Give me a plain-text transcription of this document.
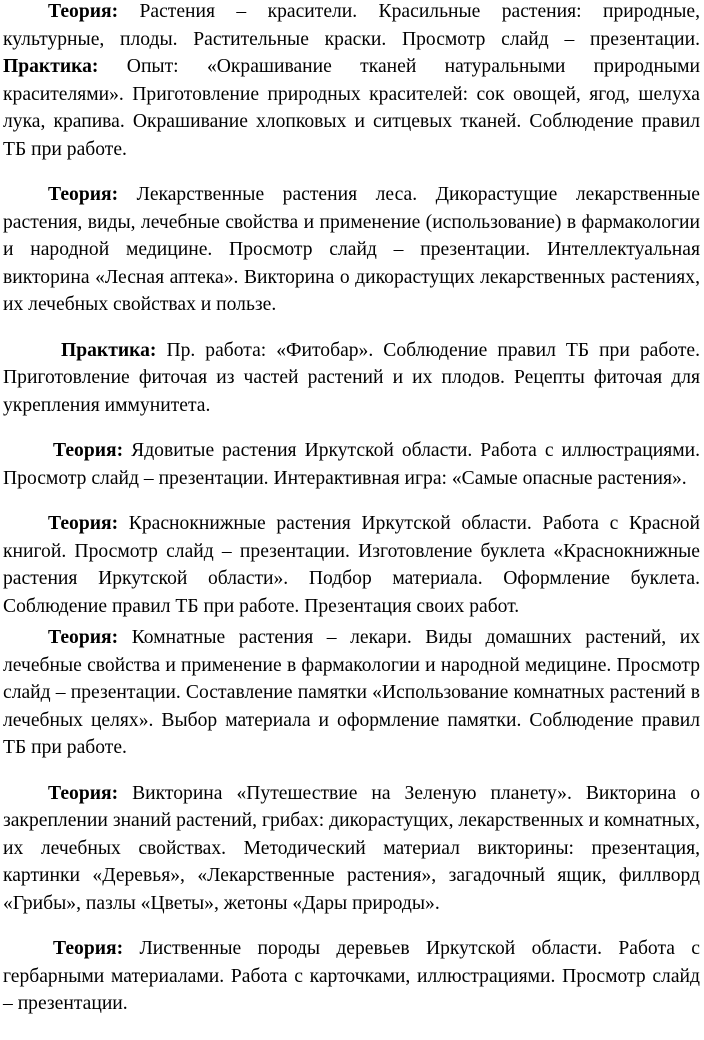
Теория: Растения – красители. Красильные растения: природные, культурные, плоды. Растительные краски. Просмотр слайд – презентации. Практика: Опыт: «Окрашивание тканей натуральными природными красителями». Приготовление природных красителей: сок овощей, ягод, шелуха лука, крапива. Окрашивание хлопковых и ситцевых тканей. Соблюдение правил ТБ при работе.

Теория: Лекарственные растения леса. Дикорастущие лекарственные растения, виды, лечебные свойства и применение (использование) в фармакологии и народной медицине. Просмотр слайд – презентации. Интеллектуальная викторина «Лесная аптека». Викторина о дикорастущих лекарственных растениях, их лечебных свойствах и пользе.

Практика: Пр. работа: «Фитобар». Соблюдение правил ТБ при работе. Приготовление фиточая из частей растений и их плодов. Рецепты фиточая для укрепления иммунитета.

Теория: Ядовитые растения Иркутской области. Работа с иллюстрациями. Просмотр слайд – презентации. Интерактивная игра: «Самые опасные растения».

Теория: Краснокнижные растения Иркутской области. Работа с Красной книгой. Просмотр слайд – презентации. Изготовление буклета «Краснокнижные растения Иркутской области». Подбор материала. Оформление буклета. Соблюдение правил ТБ при работе. Презентация своих работ.

Теория: Комнатные растения – лекари. Виды домашних растений, их лечебные свойства и применение в фармакологии и народной медицине. Просмотр слайд – презентации. Составление памятки «Использование комнатных растений в лечебных целях». Выбор материала и оформление памятки. Соблюдение правил ТБ при работе.

Теория: Викторина «Путешествие на Зеленую планету». Викторина о закреплении знаний растений, грибах: дикорастущих, лекарственных и комнатных, их лечебных свойствах. Методический материал викторины: презентация, картинки «Деревья», «Лекарственные растения», загадочный ящик, филлворд «Грибы», пазлы «Цветы», жетоны «Дары природы».

Теория: Лиственные породы деревьев Иркутской области. Работа с гербарными материалами. Работа с карточками, иллюстрациями. Просмотр слайд – презентации.
